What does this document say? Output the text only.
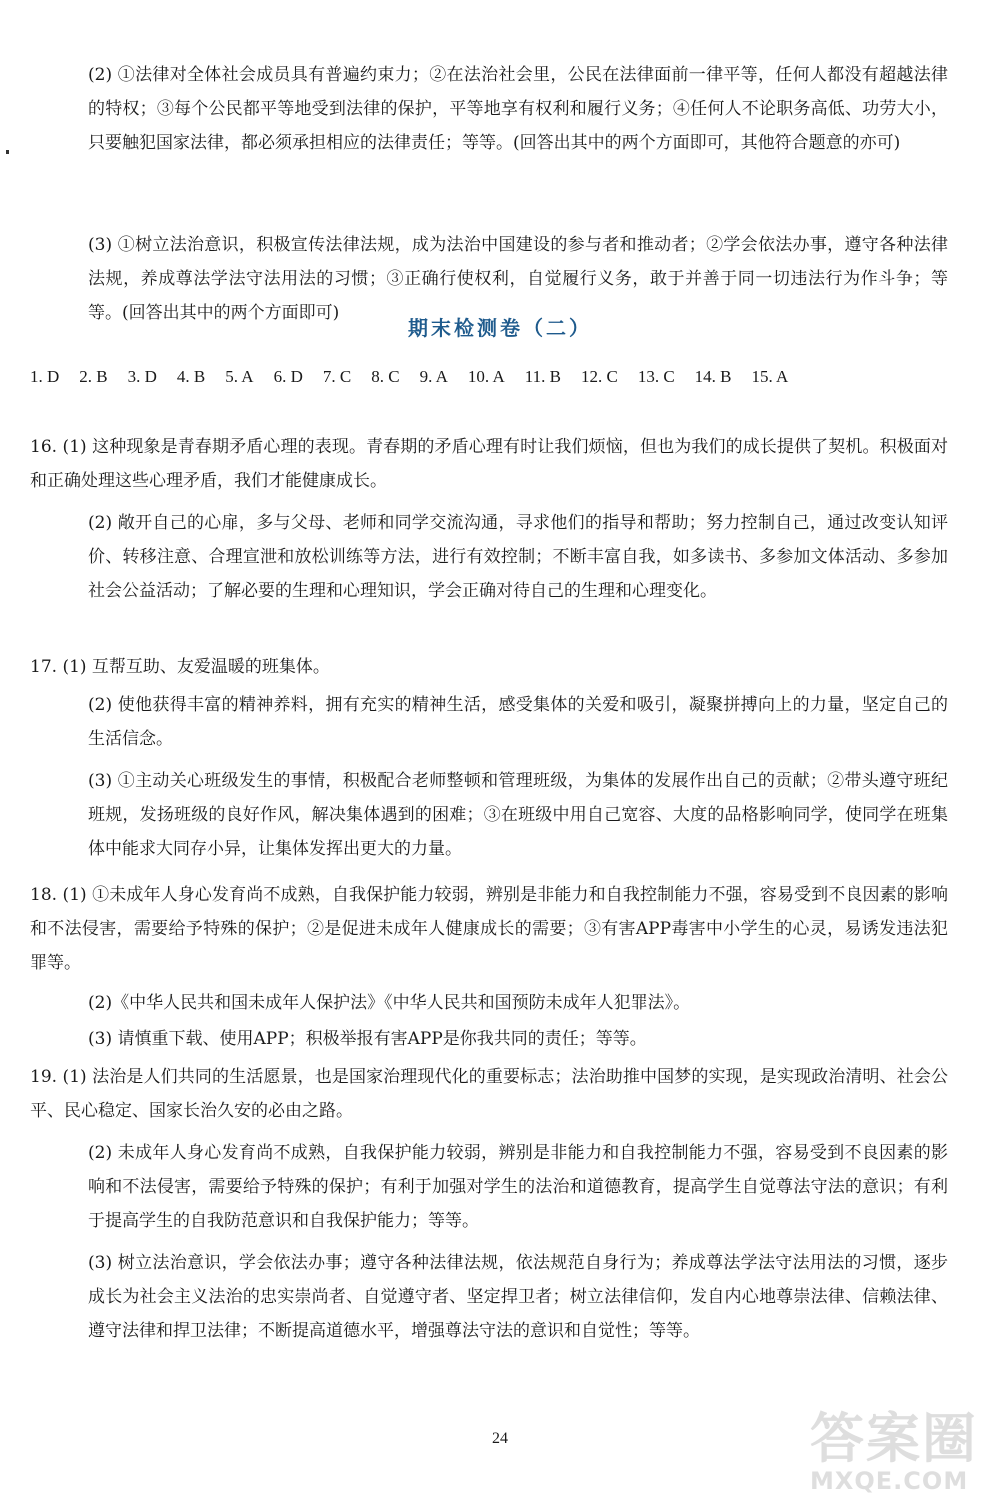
(2) ①法律对全体社会成员具有普遍约束力；②在法治社会里，公民在法律面前一律平等，任何人都没有超越法律的特权；③每个公民都平等地受到法律的保护，平等地享有权利和履行义务；④任何人不论职务高低、功劳大小，只要触犯国家法律，都必须承担相应的法律责任；等等。(回答出其中的两个方面即可，其他符合题意的亦可)

(3) ①树立法治意识，积极宣传法律法规，成为法治中国建设的参与者和推动者；②学会依法办事，遵守各种法律法规，养成尊法学法守法用法的习惯；③正确行使权利，自觉履行义务，敢于并善于同一切违法行为作斗争；等等。(回答出其中的两个方面即可)

期末检测卷（二）
1. D 2. B 3. D 4. B 5. A 6. D 7. C 8. C 9. A 10. A 11. B 12. C 13. C 14. B 15. A

16. (1) 这种现象是青春期矛盾心理的表现。青春期的矛盾心理有时让我们烦恼，但也为我们的成长提供了契机。积极面对和正确处理这些心理矛盾，我们才能健康成长。

(2) 敞开自己的心扉，多与父母、老师和同学交流沟通，寻求他们的指导和帮助；努力控制自己，通过改变认知评价、转移注意、合理宣泄和放松训练等方法，进行有效控制；不断丰富自我，如多读书、多参加文体活动、多参加社会公益活动；了解必要的生理和心理知识，学会正确对待自己的生理和心理变化。

17. (1) 互帮互助、友爱温暖的班集体。

(2) 使他获得丰富的精神养料，拥有充实的精神生活，感受集体的关爱和吸引，凝聚拼搏向上的力量，坚定自己的生活信念。

(3) ①主动关心班级发生的事情，积极配合老师整顿和管理班级，为集体的发展作出自己的贡献；②带头遵守班纪班规，发扬班级的良好作风，解决集体遇到的困难；③在班级中用自己宽容、大度的品格影响同学，使同学在班集体中能求大同存小异，让集体发挥出更大的力量。

18. (1) ①未成年人身心发育尚不成熟，自我保护能力较弱，辨别是非能力和自我控制能力不强，容易受到不良因素的影响和不法侵害，需要给予特殊的保护；②是促进未成年人健康成长的需要；③有害APP毒害中小学生的心灵，易诱发违法犯罪等。

(2)《中华人民共和国未成年人保护法》《中华人民共和国预防未成年人犯罪法》。

(3) 请慎重下载、使用APP；积极举报有害APP是你我共同的责任；等等。

19. (1) 法治是人们共同的生活愿景，也是国家治理现代化的重要标志；法治助推中国梦的实现，是实现政治清明、社会公平、民心稳定、国家长治久安的必由之路。

(2) 未成年人身心发育尚不成熟，自我保护能力较弱，辨别是非能力和自我控制能力不强，容易受到不良因素的影响和不法侵害，需要给予特殊的保护；有利于加强对学生的法治和道德教育，提高学生自觉尊法守法的意识；有利于提高学生的自我防范意识和自我保护能力；等等。

(3) 树立法治意识，学会依法办事；遵守各种法律法规，依法规范自身行为；养成尊法学法守法用法的习惯，逐步成长为社会主义法治的忠实崇尚者、自觉遵守者、坚定捍卫者；树立法律信仰，发自内心地尊崇法律、信赖法律、遵守法律和捍卫法律；不断提高道德水平，增强尊法守法的意识和自觉性；等等。

24	答案圈
MXQE.COM
